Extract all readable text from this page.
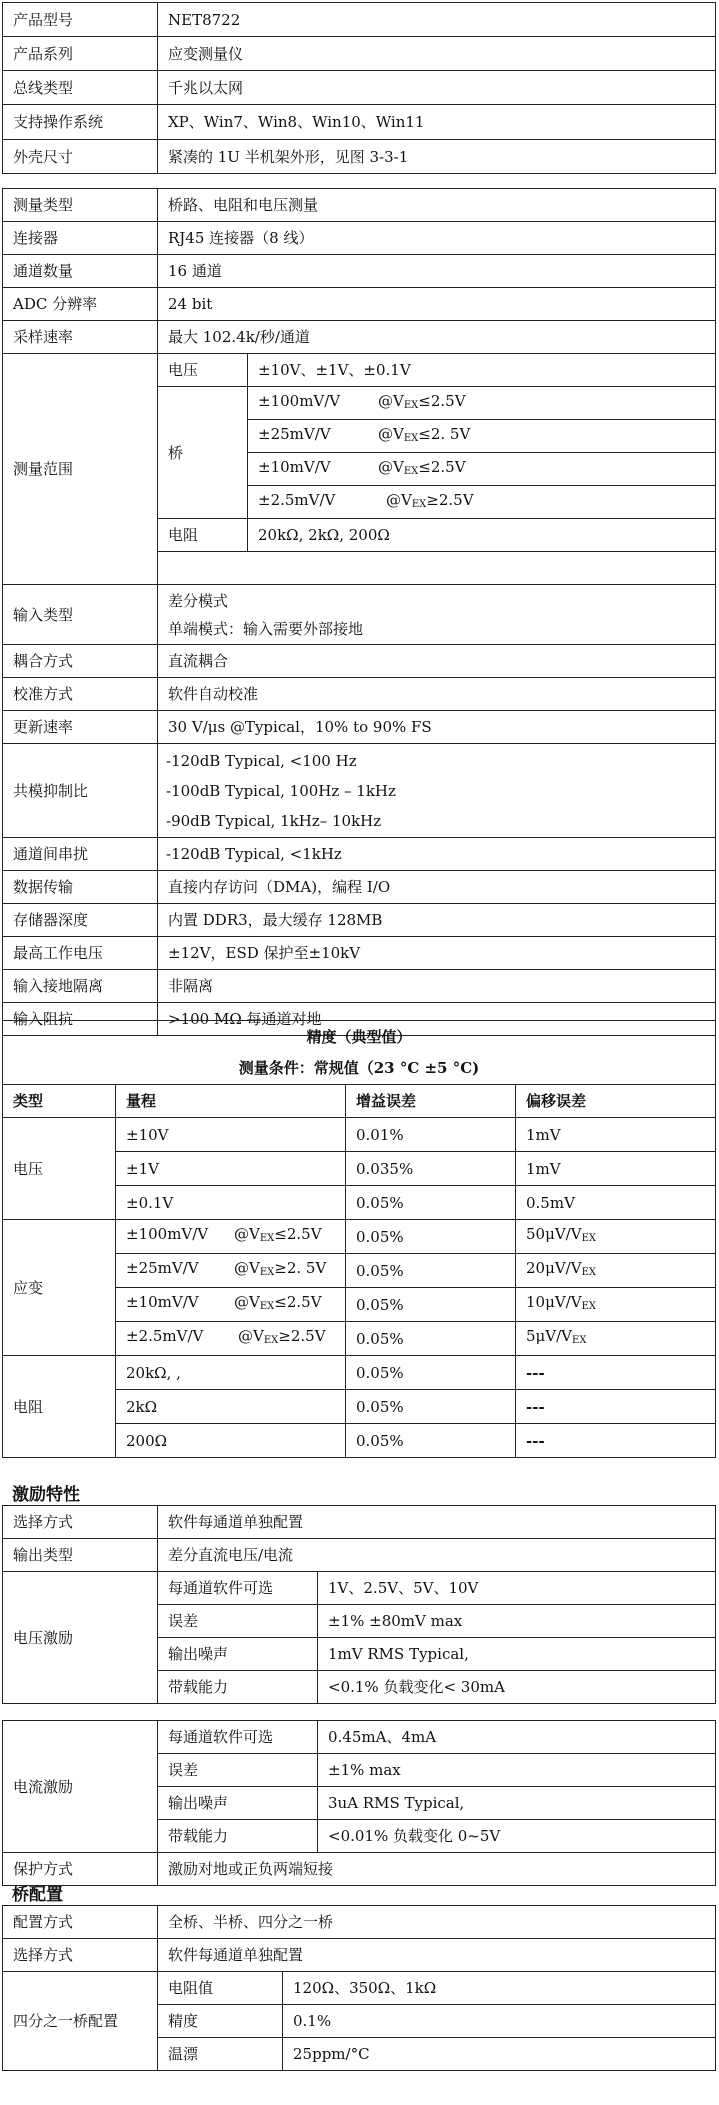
产品型号	NET8722
产品系列	应变测量仪
总线类型	千兆以太网
支持操作系统	XP、Win7、Win8、Win10、Win11
外壳尺寸	紧凑的 1U 半机架外形，见图 3-3-1
测量类型	桥路、电阻和电压测量	
连接器	RJ45 连接器（8 线）	
通道数量	16 通道	
ADC 分辨率	24 bit	
采样速率	最大 102.4k/秒/通道	
测量范围	电压	±10V、±1V、±0.1V
	桥	±100mV/V $@V_{EX}\le 2.5V$
		±25mV/V $@V_{EX}\le 2$. 5V
		±10mV/V $@V_{EX}\le 2.5V$
		±2.5mV/V $@V_{EX}\ge 2.5V$
	电阻	20kΩ, 2kΩ, 200Ω

输入类型	差分模式
单端模式：输入需要外部接地	

耦合方式	直流耦合	
校准方式	软件自动校准	
更新速率	30 V/μs @Typical，10% to 90% FS	
共模抑制比	-120dB Typical, <100 Hz
-100dB Typical, 100Hz – 1kHz
-90dB Typical, 1kHz– 10kHz	

通道间串扰	-120dB Typical, <1kHz	
数据传输	直接内存访问（DMA)，编程 I/O	
存储器深度	内置 DDR3，最大缓存 128MB	
最高工作电压	±12V，ESD 保护至±10kV	
输入接地隔离	非隔离	
输入阻抗	>100 MΩ 每通道对地	
精度（典型值）			
测量条件：常规值（23 °C ±5 °C)			
类型	量程	增益误差	偏移误差
电压	±10V	0.01%	1mV
	±1V	0.035%	1mV
	±0.1V	0.05%	0.5mV
应变	±100mV/V $@V_{EX}\le 2.5V$	0.05%	$50\mu V/V_{EX}$
	±25mV/V $@V_{EX}\ge 2$. 5V	0.05%	$20\mu V/V_{EX}$
	±10mV/V $@V_{EX}\le 2.5V$	0.05%	$10\mu V/V_{EX}$
	±2.5mV/V $@V_{EX}\ge 2.5V$	0.05%	$5\mu V/V_{EX}$
电阻	20kΩ, ,	0.05%	---
	2kΩ	0.05%	---
	200Ω	0.05%	---
激励特性
选择方式	软件每通道单独配置	
输出类型	差分直流电压/电流	
电压激励	每通道软件可选	1V、2.5V、5V、10V
	误差	±1% ±80mV max
	输出噪声	1mV RMS Typical,
	带载能力	<0.1% 负载变化< 30mA

电流激励	每通道软件可选	0.45mA、4mA
	误差	±1% max
	输出噪声	3uA RMS Typical,
	带载能力	<0.01% 负载变化 0~5V
保护方式	激励对地或正负两端短接	
桥配置
配置方式	全桥、半桥、四分之一桥	
选择方式	软件每通道单独配置	
四分之一桥配置	电阻值	120Ω、350Ω、1kΩ
	精度	0.1%
	温漂	25ppm/°C
